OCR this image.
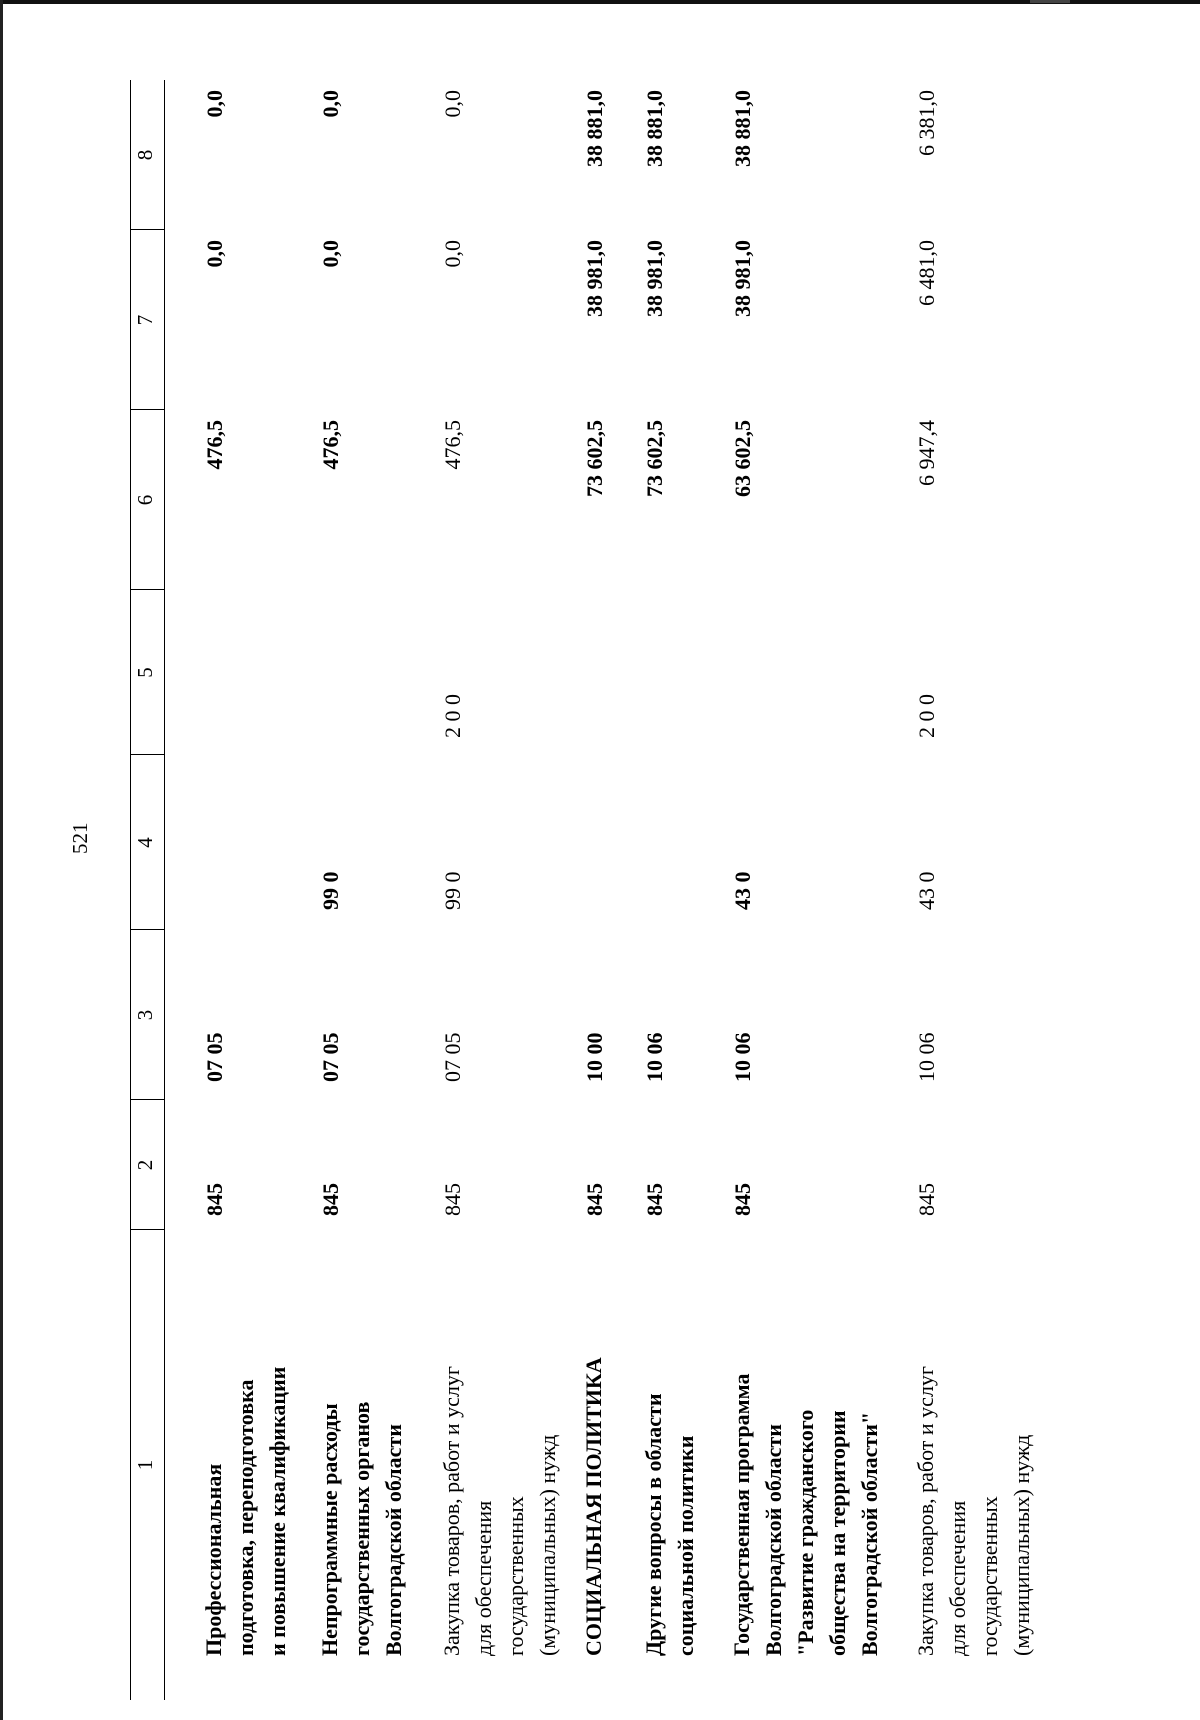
521
1
2
3
4
5
6
7
8
Профессиональная
подготовка, переподготовка
и повышение квалификации
845
07 05
476,5
0,0
0,0
Непрограммные расходы
государственных органов
Волгоградской области
845
07 05
99 0
476,5
0,0
0,0
Закупка товаров, работ и услуг
для обеспечения
государственных
(муниципальных) нужд
845
07 05
99 0
2 0 0
476,5
0,0
0,0
СОЦИАЛЬНАЯ ПОЛИТИКА
845
10 00
73 602,5
38 981,0
38 881,0
Другие вопросы в области
социальной политики
845
10 06
73 602,5
38 981,0
38 881,0
Государственная программа
Волгоградской области
"Развитие гражданского
общества на территории
Волгоградской области"
845
10 06
43 0
63 602,5
38 981,0
38 881,0
Закупка товаров, работ и услуг
для обеспечения
государственных
(муниципальных) нужд
845
10 06
43 0
2 0 0
6 947,4
6 481,0
6 381,0
